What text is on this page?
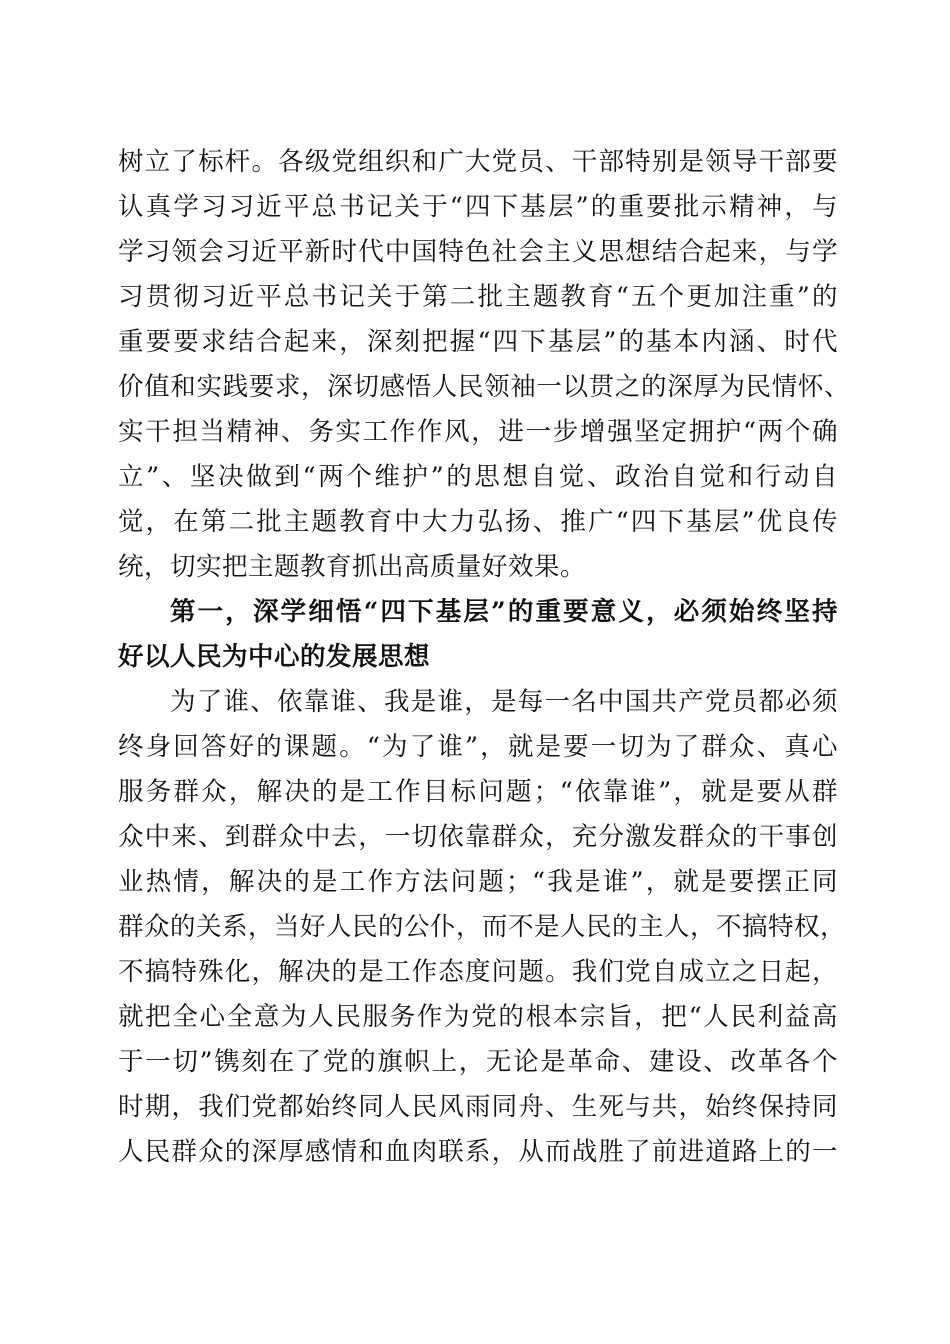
树立了标杆。各级党组织和广大党员、干部特别是领导干部要
认真学习习近平总书记关于“四下基层”的重要批示精神，与
学习领会习近平新时代中国特色社会主义思想结合起来，与学
习贯彻习近平总书记关于第二批主题教育“五个更加注重”的
重要要求结合起来，深刻把握“四下基层”的基本内涵、时代
价值和实践要求，深切感悟人民领袖一以贯之的深厚为民情怀、
实干担当精神、务实工作作风，进一步增强坚定拥护“两个确
立”、坚决做到“两个维护”的思想自觉、政治自觉和行动自
觉，在第二批主题教育中大力弘扬、推广“四下基层”优良传
统，切实把主题教育抓出高质量好效果。
第一，深学细悟“四下基层”的重要意义，必须始终坚持
好以人民为中心的发展思想
为了谁、依靠谁、我是谁，是每一名中国共产党员都必须
终身回答好的课题。“为了谁”，就是要一切为了群众、真心
服务群众，解决的是工作目标问题；“依靠谁”，就是要从群
众中来、到群众中去，一切依靠群众，充分激发群众的干事创
业热情，解决的是工作方法问题；“我是谁”，就是要摆正同
群众的关系，当好人民的公仆，而不是人民的主人，不搞特权，
不搞特殊化，解决的是工作态度问题。我们党自成立之日起，
就把全心全意为人民服务作为党的根本宗旨，把“人民利益高
于一切”镌刻在了党的旗帜上，无论是革命、建设、改革各个
时期，我们党都始终同人民风雨同舟、生死与共，始终保持同
人民群众的深厚感情和血肉联系，从而战胜了前进道路上的一
